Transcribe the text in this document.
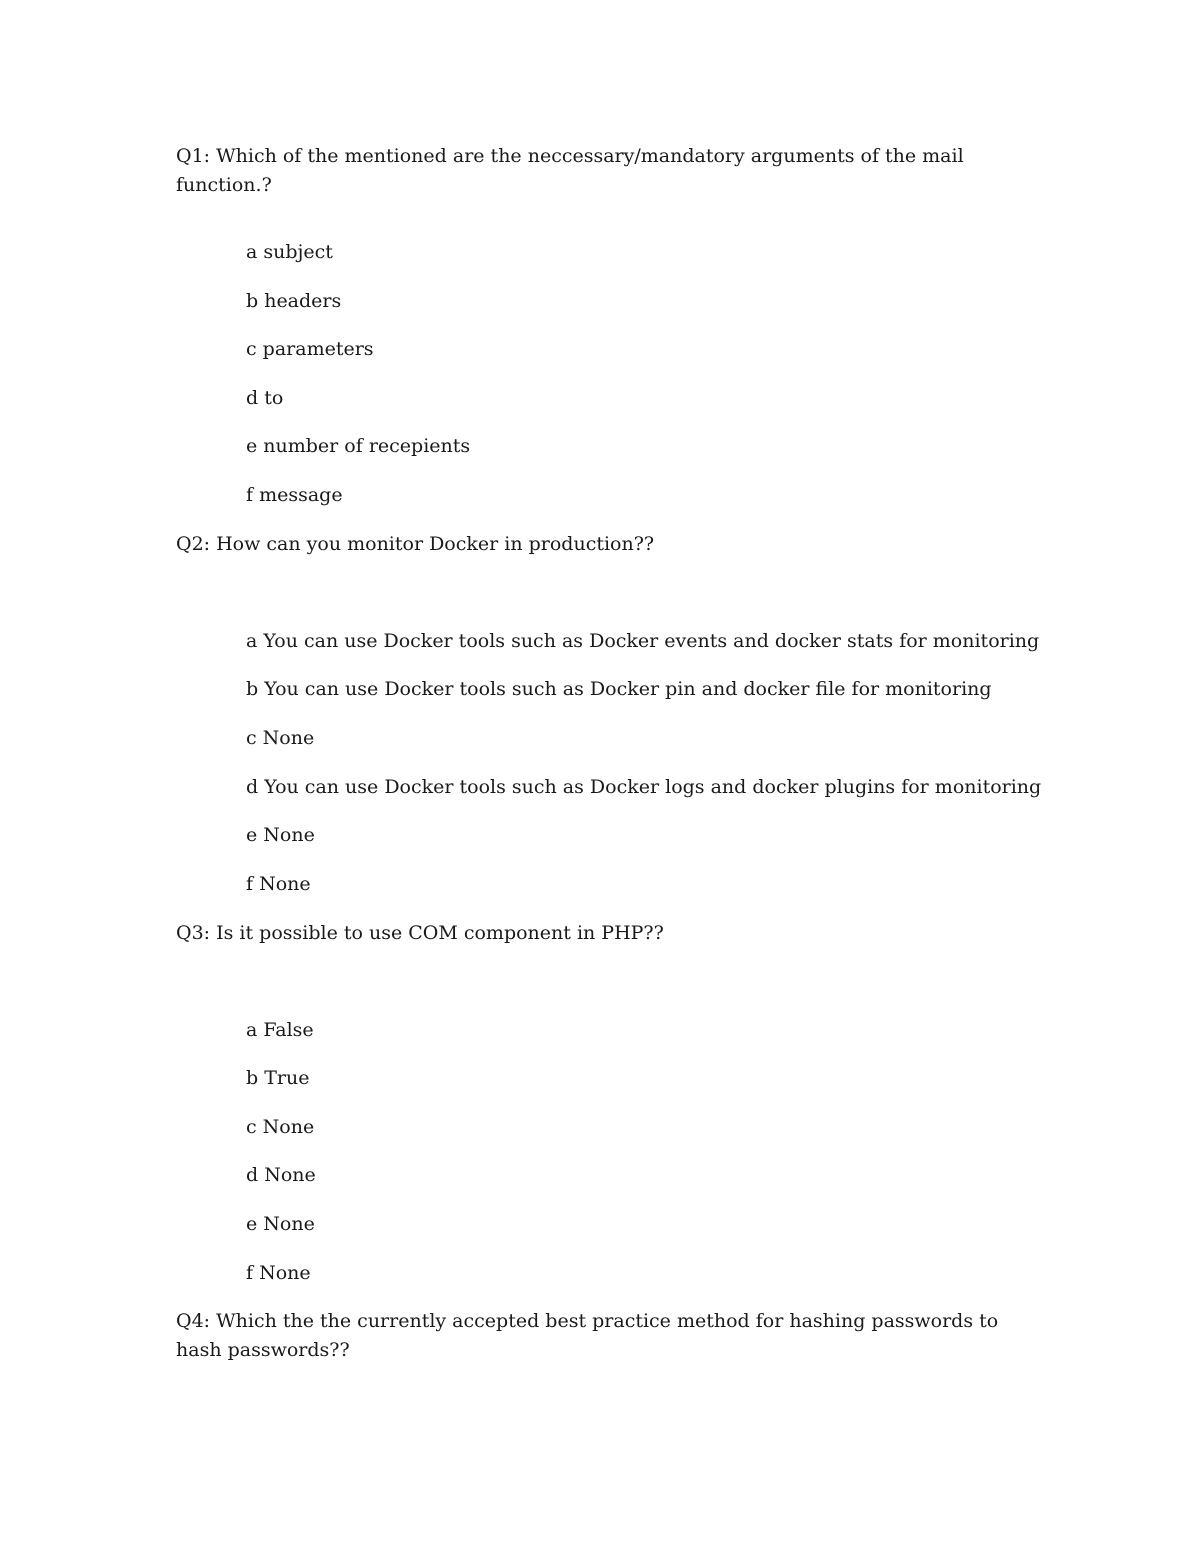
Q1: Which of the mentioned are the neccessary/mandatory arguments of the mail function.?

a subject

b headers

c parameters

d to

e number of recepients

f message

Q2: How can you monitor Docker in production??

a You can use Docker tools such as Docker events and docker stats for monitoring

b You can use Docker tools such as Docker pin and docker file for monitoring

c None

d You can use Docker tools such as Docker logs and docker plugins for monitoring

e None

f None

Q3: Is it possible to use COM component in PHP??

a False

b True

c None

d None

e None

f None

Q4: Which the the currently accepted best practice method for hashing passwords to hash passwords??
